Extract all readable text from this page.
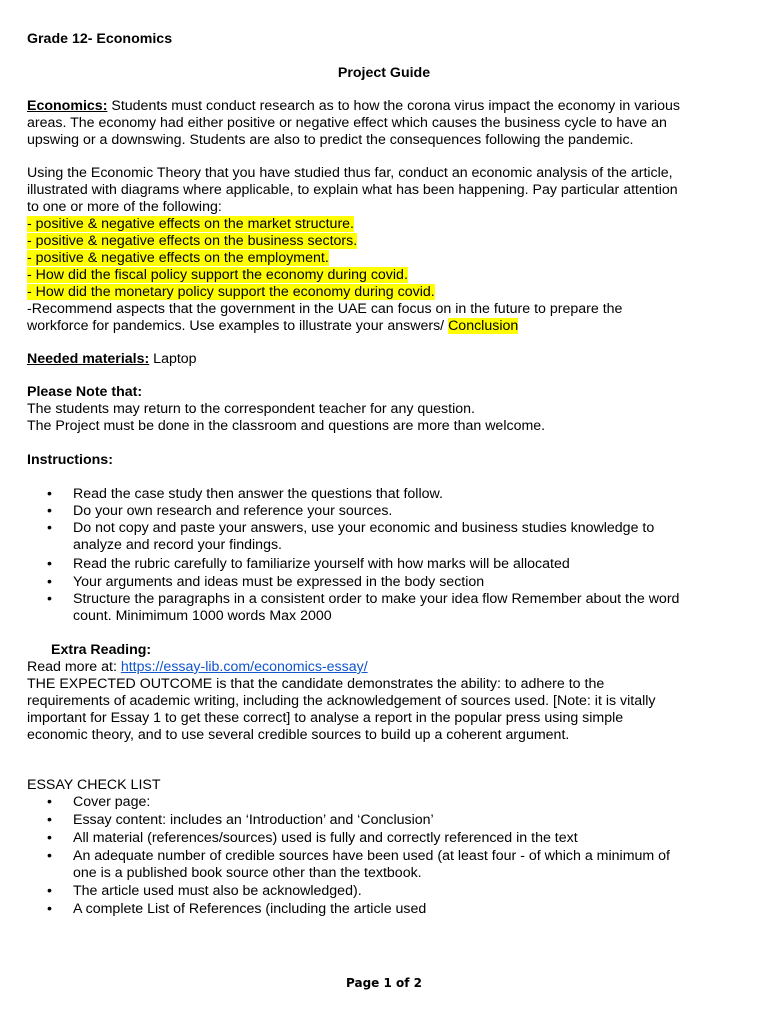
Grade 12- Economics
Project Guide
Economics: Students must conduct research as to how the corona virus impact the economy in various
areas. The economy had either positive or negative effect which causes the business cycle to have an
upswing or a downswing. Students are also to predict the consequences following the pandemic.
Using the Economic Theory that you have studied thus far, conduct an economic analysis of the article,
illustrated with diagrams where applicable, to explain what has been happening. Pay particular attention
to one or more of the following:
- positive & negative effects on the market structure.
- positive & negative effects on the business sectors.
- positive & negative effects on the employment.
- How did the fiscal policy support the economy during covid.
- How did the monetary policy support the economy during covid.
-Recommend aspects that the government in the UAE can focus on in the future to prepare the
workforce for pandemics. Use examples to illustrate your answers/ Conclusion
Needed materials: Laptop
Please Note that:
The students may return to the correspondent teacher for any question.
The Project must be done in the classroom and questions are more than welcome.
Instructions:
• Read the case study then answer the questions that follow.
• Do your own research and reference your sources.
• Do not copy and paste your answers, use your economic and business studies knowledge to
analyze and record your findings.
• Read the rubric carefully to familiarize yourself with how marks will be allocated
• Your arguments and ideas must be expressed in the body section
• Structure the paragraphs in a consistent order to make your idea flow Remember about the word
count. Minimimum 1000 words Max 2000
Extra Reading:
Read more at: https://essay-lib.com/economics-essay/
THE EXPECTED OUTCOME is that the candidate demonstrates the ability: to adhere to the
requirements of academic writing, including the acknowledgement of sources used. [Note: it is vitally
important for Essay 1 to get these correct] to analyse a report in the popular press using simple
economic theory, and to use several credible sources to build up a coherent argument.
ESSAY CHECK LIST
• Cover page:
• Essay content: includes an ‘Introduction’ and ‘Conclusion’
• All material (references/sources) used is fully and correctly referenced in the text
• An adequate number of credible sources have been used (at least four - of which a minimum of
one is a published book source other than the textbook.
• The article used must also be acknowledged).
• A complete List of References (including the article used
Page 1 of 2
